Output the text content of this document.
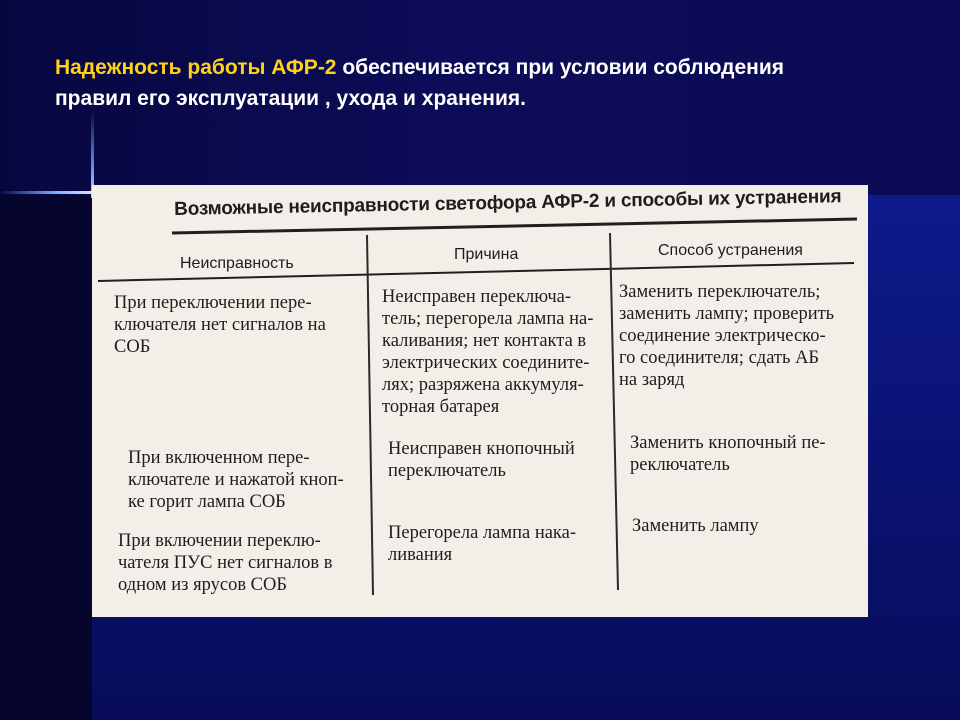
Надежность работы АФР-2 обеспечивается при условии соблюдения
правил его эксплуатации , ухода и хранения.
Возможные неисправности светофора АФР-2 и способы их устранения
Неисправность
Причина	Способ устранения
При переключении пере-
ключателя нет сигналов на
СОБ
Неисправен переключа-
тель; перегорела лампа на-
каливания; нет контакта в
электрических соедините-
лях; разряжена аккумуля-
торная батарея
Заменить переключатель;
заменить лампу; проверить
соединение электрическо-
го соединителя; сдать АБ
на заряд
При включенном пере-
ключателе и нажатой кноп-
ке горит лампа СОБ
Неисправен кнопочный
переключатель
Заменить кнопочный пе-
реключатель
При включении переклю-
чателя ПУС нет сигналов в
одном из ярусов СОБ
Перегорела лампа нака-
ливания
Заменить лампу
